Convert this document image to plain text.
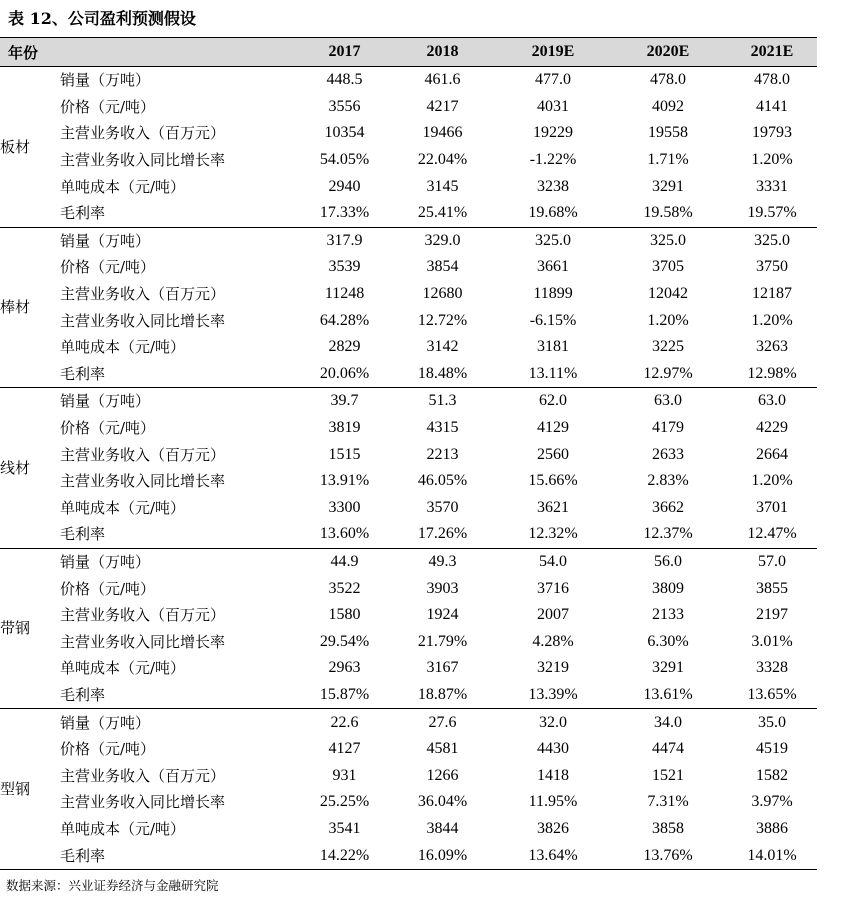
表 12、公司盈利预测假设
年份		2017	2018	2019E	2020E	2021E
板材	销量（万吨）	448.5	461.6	477.0	478.0	478.0
	价格（元/吨）	3556	4217	4031	4092	4141
	主营业务收入（百万元）	10354	19466	19229	19558	19793
	主营业务收入同比增长率	54.05%	22.04%	-1.22%	1.71%	1.20%
	单吨成本（元/吨）	2940	3145	3238	3291	3331
	毛利率	17.33%	25.41%	19.68%	19.58%	19.57%
棒材	销量（万吨）	317.9	329.0	325.0	325.0	325.0
	价格（元/吨）	3539	3854	3661	3705	3750
	主营业务收入（百万元）	11248	12680	11899	12042	12187
	主营业务收入同比增长率	64.28%	12.72%	-6.15%	1.20%	1.20%
	单吨成本（元/吨）	2829	3142	3181	3225	3263
	毛利率	20.06%	18.48%	13.11%	12.97%	12.98%
线材	销量（万吨）	39.7	51.3	62.0	63.0	63.0
	价格（元/吨）	3819	4315	4129	4179	4229
	主营业务收入（百万元）	1515	2213	2560	2633	2664
	主营业务收入同比增长率	13.91%	46.05%	15.66%	2.83%	1.20%
	单吨成本（元/吨）	3300	3570	3621	3662	3701
	毛利率	13.60%	17.26%	12.32%	12.37%	12.47%
带钢	销量（万吨）	44.9	49.3	54.0	56.0	57.0
	价格（元/吨）	3522	3903	3716	3809	3855
	主营业务收入（百万元）	1580	1924	2007	2133	2197
	主营业务收入同比增长率	29.54%	21.79%	4.28%	6.30%	3.01%
	单吨成本（元/吨）	2963	3167	3219	3291	3328
	毛利率	15.87%	18.87%	13.39%	13.61%	13.65%
型钢	销量（万吨）	22.6	27.6	32.0	34.0	35.0
	价格（元/吨）	4127	4581	4430	4474	4519
	主营业务收入（百万元）	931	1266	1418	1521	1582
	主营业务收入同比增长率	25.25%	36.04%	11.95%	7.31%	3.97%
	单吨成本（元/吨）	3541	3844	3826	3858	3886
	毛利率	14.22%	16.09%	13.64%	13.76%	14.01%
数据来源：兴业证券经济与金融研究院
